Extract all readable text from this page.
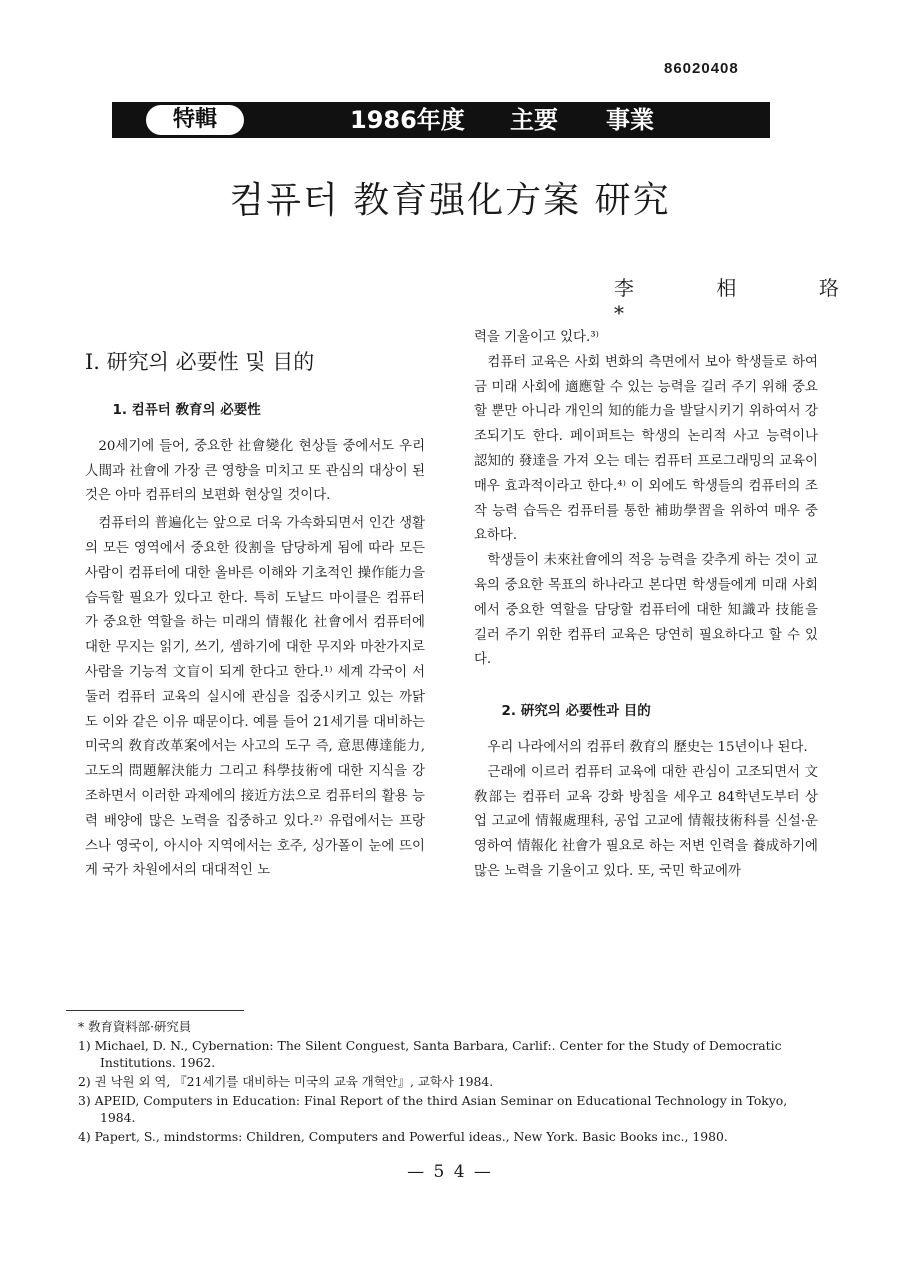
86020408
特輯	1986年度 主要 事業
컴퓨터 教育强化方案 研究
李 相 珞*
Ⅰ. 研究의 必要性 및 目的

1. 컴퓨터 敎育의 必要性

20세기에 들어, 중요한 社會變化 현상들 중에서도 우리 人間과 社會에 가장 큰 영향을 미치고 또 관심의 대상이 된 것은 아마 컴퓨터의 보편화 현상일 것이다.

컴퓨터의 普遍化는 앞으로 더욱 가속화되면서 인간 생활의 모든 영역에서 중요한 役割을 담당하게 됨에 따라 모든 사람이 컴퓨터에 대한 올바른 이해와 기초적인 操作能力을 습득할 필요가 있다고 한다. 특히 도날드 마이클은 컴퓨터가 중요한 역할을 하는 미래의 情報化 社會에서 컴퓨터에 대한 무지는 읽기, 쓰기, 셈하기에 대한 무지와 마찬가지로 사람을 기능적 文盲이 되게 한다고 한다.¹⁾ 세계 각국이 서둘러 컴퓨터 교육의 실시에 관심을 집중시키고 있는 까닭도 이와 같은 이유 때문이다. 예를 들어 21세기를 대비하는 미국의 敎育改革案에서는 사고의 도구 즉, 意思傳達能力, 고도의 問題解決能力 그리고 科學技術에 대한 지식을 강조하면서 이러한 과제에의 接近方法으로 컴퓨터의 활용 능력 배양에 많은 노력을 집중하고 있다.²⁾ 유럽에서는 프랑스나 영국이, 아시아 지역에서는 호주, 싱가폴이 눈에 뜨이게 국가 차원에서의 대대적인 노

력을 기울이고 있다.³⁾

컴퓨터 교육은 사회 변화의 측면에서 보아 학생들로 하여금 미래 사회에 適應할 수 있는 능력을 길러 주기 위해 중요할 뿐만 아니라 개인의 知的能力을 발달시키기 위하여서 강조되기도 한다. 페이퍼트는 학생의 논리적 사고 능력이나 認知的 發達을 가져 오는 데는 컴퓨터 프로그래밍의 교육이 매우 효과적이라고 한다.⁴⁾ 이 외에도 학생들의 컴퓨터의 조작 능력 습득은 컴퓨터를 통한 補助學習을 위하여 매우 중요하다.

학생들이 未來社會에의 적응 능력을 갖추게 하는 것이 교육의 중요한 목표의 하나라고 본다면 학생들에게 미래 사회에서 중요한 역할을 담당할 컴퓨터에 대한 知識과 技能을 길러 주기 위한 컴퓨터 교육은 당연히 필요하다고 할 수 있다.

2. 硏究의 必要性과 目的

우리 나라에서의 컴퓨터 敎育의 歷史는 15년이나 된다.

근래에 이르러 컴퓨터 교육에 대한 관심이 고조되면서 文敎部는 컴퓨터 교육 강화 방침을 세우고 84학년도부터 상업 고교에 情報處理科, 공업 고교에 情報技術科를 신설·운영하여 情報化 社會가 필요로 하는 저변 인력을 養成하기에 많은 노력을 기울이고 있다. 또, 국민 학교에까

* 敎育資料部·硏究員
1) Michael, D. N., Cybernation: The Silent Conguest, Santa Barbara, Carlif:. Center for the Study of Democratic Institutions. 1962.
2) 권 낙원 외 역, 『21세기를 대비하는 미국의 교육 개혁안』, 교학사 1984.
3) APEID, Computers in Education: Final Report of the third Asian Seminar on Educational Technology in Tokyo, 1984.
4) Papert, S., mindstorms: Children, Computers and Powerful ideas., New York. Basic Books inc., 1980.
— 5 4 —
